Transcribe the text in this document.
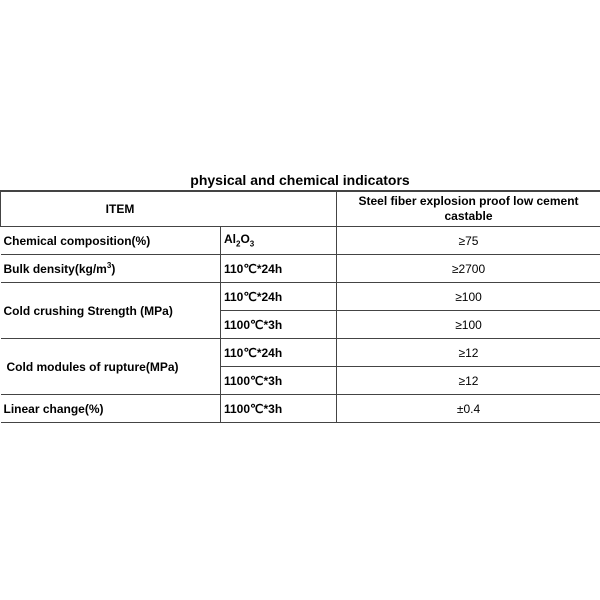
physical and chemical indicators
ITEM		Steel fiber explosion proof low cement castable
Chemical composition(%)	$Al_2O_3$	≥75
Bulk $density(kg/m^3)$	110℃*24h	≥2700
Cold crushing Strength (MPa)	110℃*24h	≥100
	1100℃*3h	≥100
Cold modules of rupture(MPa)	110℃*24h	≥12
	1100℃*3h	≥12
Linear change(%)	1100℃*3h	±0.4
